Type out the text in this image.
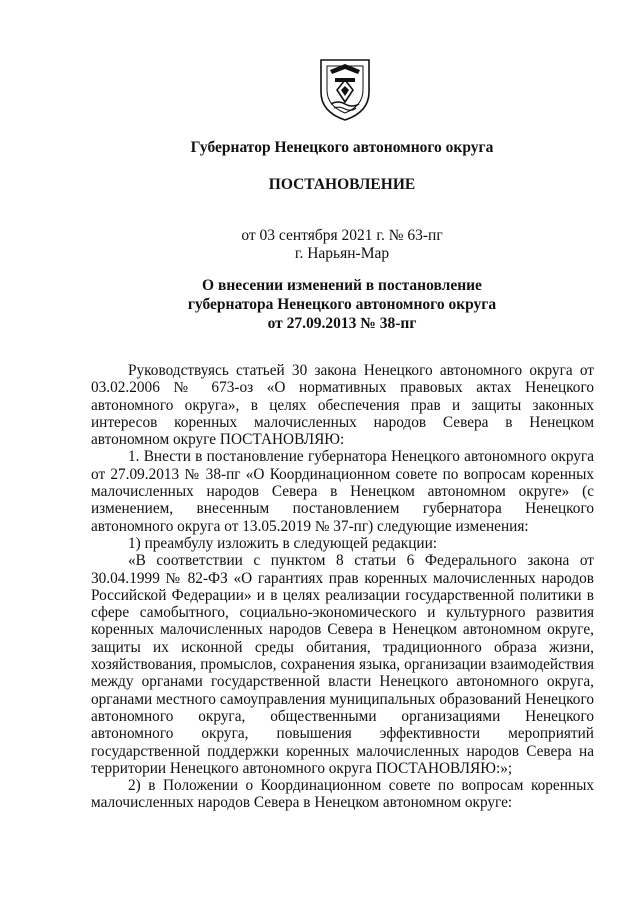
Губернатор Ненецкого автономного округа
ПОСТАНОВЛЕНИЕ
от 03 сентября 2021 г. № 63-пг
г. Нарьян-Мар
О внесении изменений в постановление
губернатора Ненецкого автономного округа
от 27.09.2013 № 38-пг

Руководствуясь статьей 30 закона Ненецкого автономного округа от 03.02.2006 № 673-оз «О нормативных правовых актах Ненецкого автономного округа», в целях обеспечения прав и защиты законных интересов коренных малочисленных народов Севера в Ненецком автономном округе ПОСТАНОВЛЯЮ:

1. Внести в постановление губернатора Ненецкого автономного округа от 27.09.2013 № 38-пг «О Координационном совете по вопросам коренных малочисленных народов Севера в Ненецком автономном округе» (с изменением, внесенным постановлением губернатора Ненецкого автономного округа от 13.05.2019 № 37-пг) следующие изменения:

1) преамбулу изложить в следующей редакции:

«В соответствии с пунктом 8 статьи 6 Федерального закона от 30.04.1999 № 82-ФЗ «О гарантиях прав коренных малочисленных народов Российской Федерации» и в целях реализации государственной политики в сфере самобытного, социально-экономического и культурного развития коренных малочисленных народов Севера в Ненецком автономном округе, защиты их исконной среды обитания, традиционного образа жизни, хозяйствования, промыслов, сохранения языка, организации взаимодействия между органами государственной власти Ненецкого автономного округа, органами местного самоуправления муниципальных образований Ненецкого автономного округа, общественными организациями Ненецкого автономного округа, повышения эффективности мероприятий государственной поддержки коренных малочисленных народов Севера на территории Ненецкого автономного округа ПОСТАНОВЛЯЮ:»;

2) в Положении о Координационном совете по вопросам коренных малочисленных народов Севера в Ненецком автономном округе:
